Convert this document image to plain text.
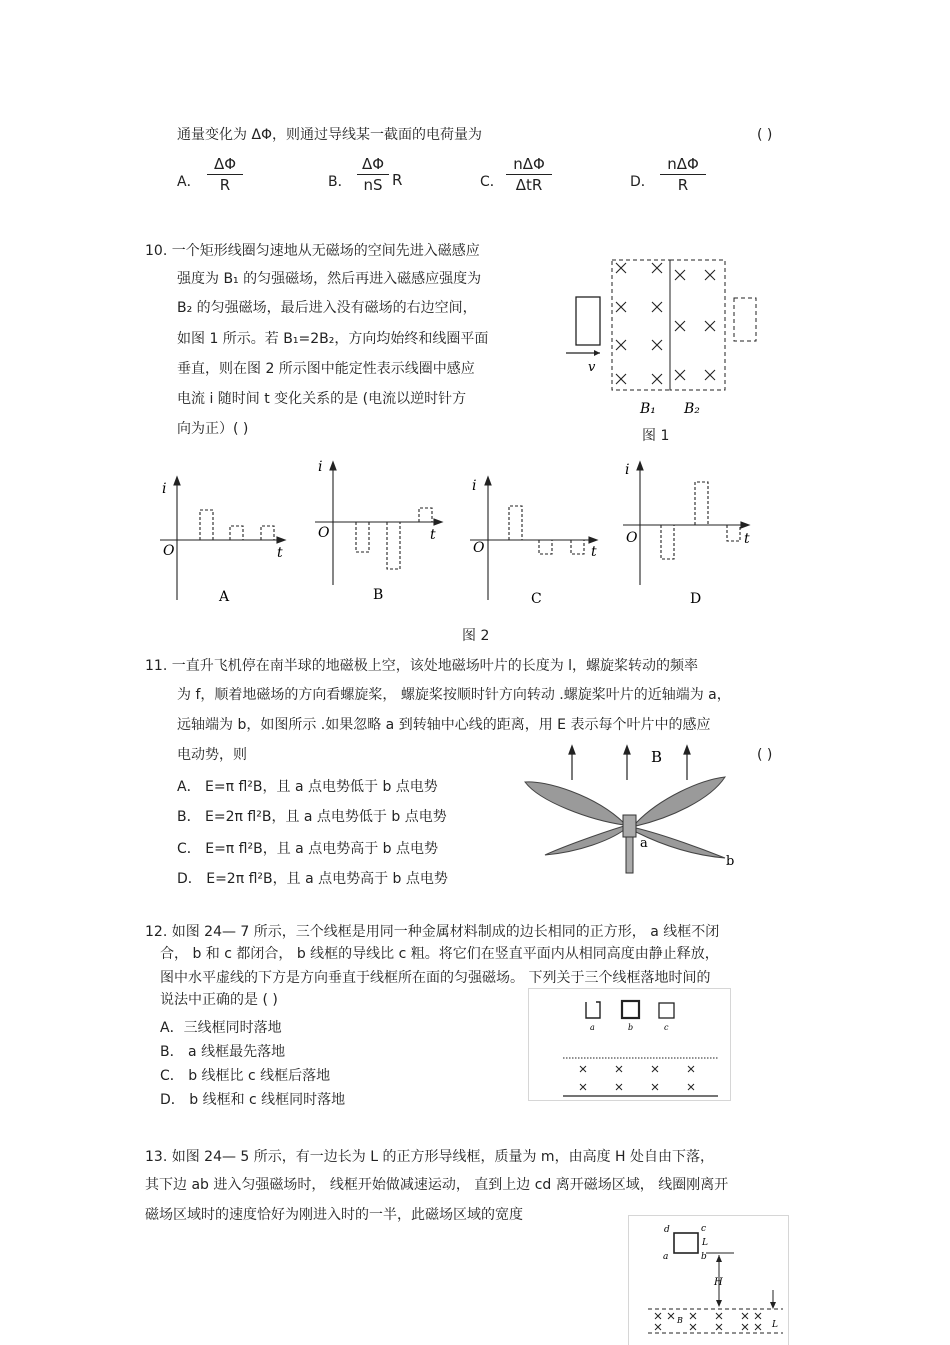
通量变化为 ΔΦ，则通过导线某一截面的电荷量为	( )
A．
ΔΦ
R	B．
ΔΦ
nS R	C．
nΔΦ
ΔtR	D．
nΔΦ
R
10. 一个矩形线圈匀速地从无磁场的空间先进入磁感应
强度为 B₁ 的匀强磁场，然后再进入磁感应强度为
B₂ 的匀强磁场，最后进入没有磁场的右边空间，
如图 1 所示。若 B₁=2B₂，方向均始终和线圈平面
垂直，则在图 2 所示图中能定性表示线圈中感应
电流 i 随时间 t 变化关系的是 (电流以逆时针方
向为正）( )
v
B₁ B₂
图 1
i
O	t
A
i
O	t
B
i
O	t
C
i
O	t
D
图 2
11. 一直升飞机停在南半球的地磁极上空，该处地磁场叶片的长度为 l，螺旋桨转动的频率
为 f，顺着地磁场的方向看螺旋桨， 螺旋桨按顺时针方向转动 .螺旋桨叶片的近轴端为 a，
远轴端为 b，如图所示 .如果忽略 a 到转轴中心线的距离，用 E 表示每个叶片中的感应
电动势，则	( )
A． E=π fl²B，且 a 点电势低于 b 点电势
B． E=2π fl²B，且 a 点电势低于 b 点电势
C． E=π fl²B，且 a 点电势高于 b 点电势
D． E=2π fl²B，且 a 点电势高于 b 点电势
B
a
b
12. 如图 24— 7 所示，三个线框是用同一种金属材料制成的边长相同的正方形， a 线框不闭
合， b 和 c 都闭合， b 线框的导线比 c 粗。将它们在竖直平面内从相同高度由静止释放，
图中水平虚线的下方是方向垂直于线框所在面的匀强磁场。 下列关于三个线框落地时间的
说法中正确的是 ( )
A．三线框同时落地
B． a 线框最先落地
C． b 线框比 c 线框后落地
D． b 线框和 c 线框同时落地
a	b	c
13. 如图 24— 5 所示，有一边长为 L 的正方形导线框，质量为 m，由高度 H 处自由下落，
其下边 ab 进入匀强磁场时， 线框开始做减速运动， 直到上边 cd 离开磁场区域， 线圈刚离开
磁场区域时的速度恰好为刚进入时的一半，此磁场区域的宽度
d	c
L
a	b
H
B	L
